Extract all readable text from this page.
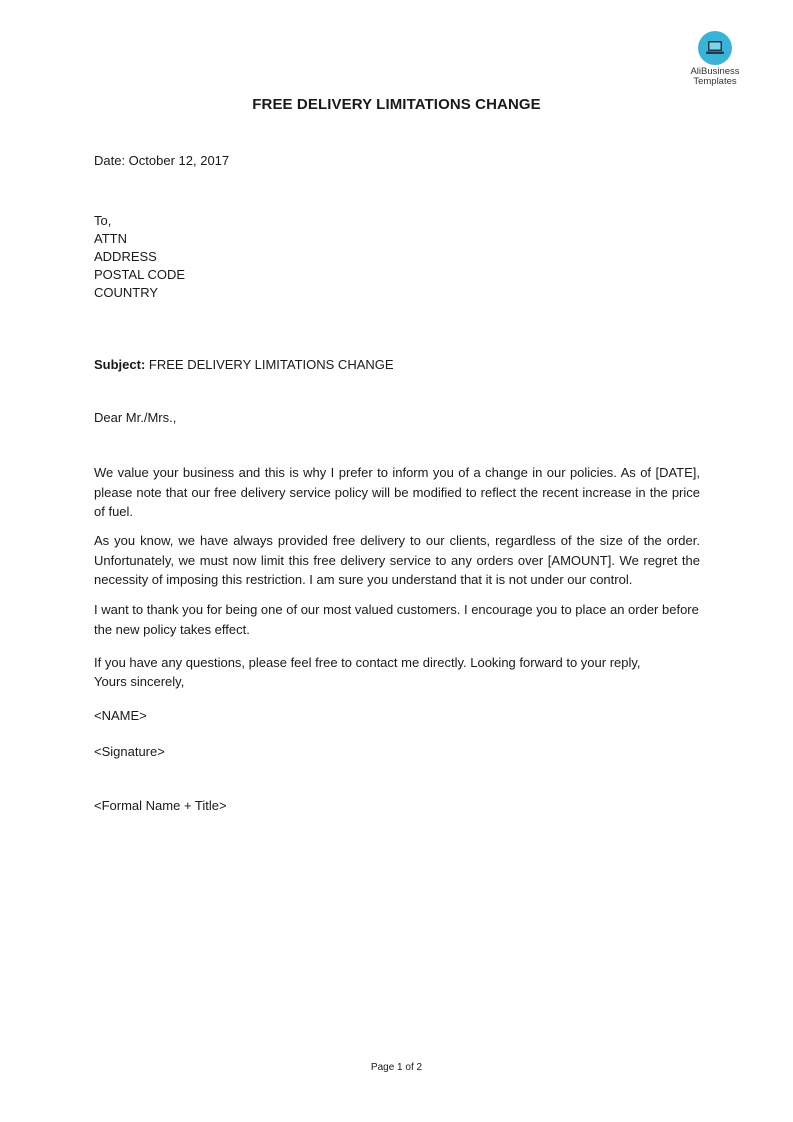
AliBusiness
Templates
FREE DELIVERY LIMITATIONS CHANGE
Date: October 12, 2017
To,
ATTN
ADDRESS
POSTAL CODE
COUNTRY
Subject: FREE DELIVERY LIMITATIONS CHANGE
Dear Mr./Mrs.,
We value your business and this is why I prefer to inform you of a change in our policies. As of [DATE], please note that our free delivery service policy will be modified to reflect the recent increase in the price of fuel.
As you know, we have always provided free delivery to our clients, regardless of the size of the order. Unfortunately, we must now limit this free delivery service to any orders over [AMOUNT]. We regret the necessity of imposing this restriction. I am sure you understand that it is not under our control.
I want to thank you for being one of our most valued customers. I encourage you to place an order before the new policy takes effect.
If you have any questions, please feel free to contact me directly. Looking forward to your reply,
Yours sincerely,
<NAME>
<Signature>
<Formal Name + Title>
Page 1 of 2
